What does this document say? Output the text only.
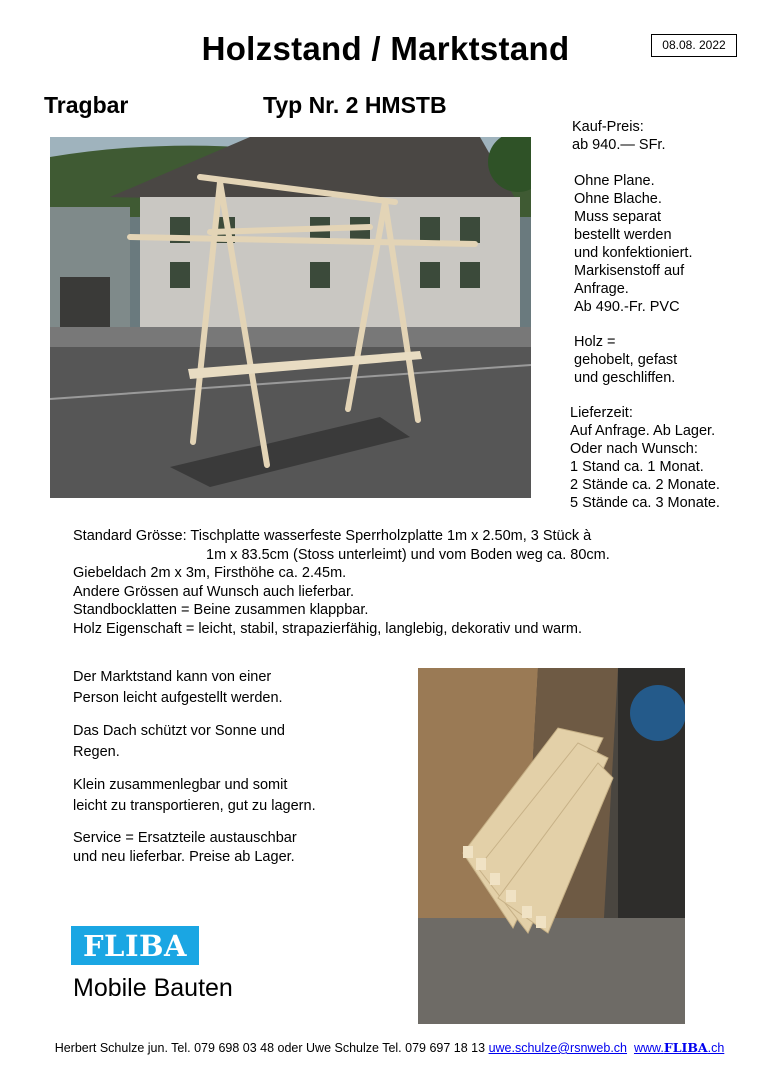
Holzstand / Marktstand	08.08. 2022
Tragbar	Typ Nr. 2 HMSTB
Kauf-Preis:
ab 940.— SFr.
Ohne Plane.
Ohne Blache.
Muss separat
bestellt werden
und konfektioniert.
Markisenstoff auf
Anfrage.
Ab 490.-Fr. PVC
Holz =
gehobelt, gefast
und geschliffen.
Lieferzeit:
Auf Anfrage. Ab Lager.
Oder nach Wunsch:
1 Stand ca. 1 Monat.
2 Stände ca. 2 Monate.
5 Stände ca. 3 Monate.
Standard Grösse: Tischplatte wasserfeste Sperrholzplatte 1m x 2.50m, 3 Stück à
1m x 83.5cm (Stoss unterleimt) und vom Boden weg ca. 80cm.
Giebeldach 2m x 3m, Firsthöhe ca. 2.45m.
Andere Grössen auf Wunsch auch lieferbar.
Standbocklatten = Beine zusammen klappbar.
Holz Eigenschaft = leicht, stabil, strapazierfähig, langlebig, dekorativ und warm.

Der Marktstand kann von einer Person leicht aufgestellt werden.

Das Dach schützt vor Sonne und Regen.

Klein zusammenlegbar und somit leicht zu transportieren, gut zu lagern.

Service = Ersatzteile austauschbar und neu lieferbar. Preise ab Lager.

FLIBA
Mobile Bauten
Herbert Schulze jun. Tel. 079 698 03 48 oder Uwe Schulze Tel. 079 697 18 13 uwe.schulze@rsnweb.ch www.FLIBA.ch
